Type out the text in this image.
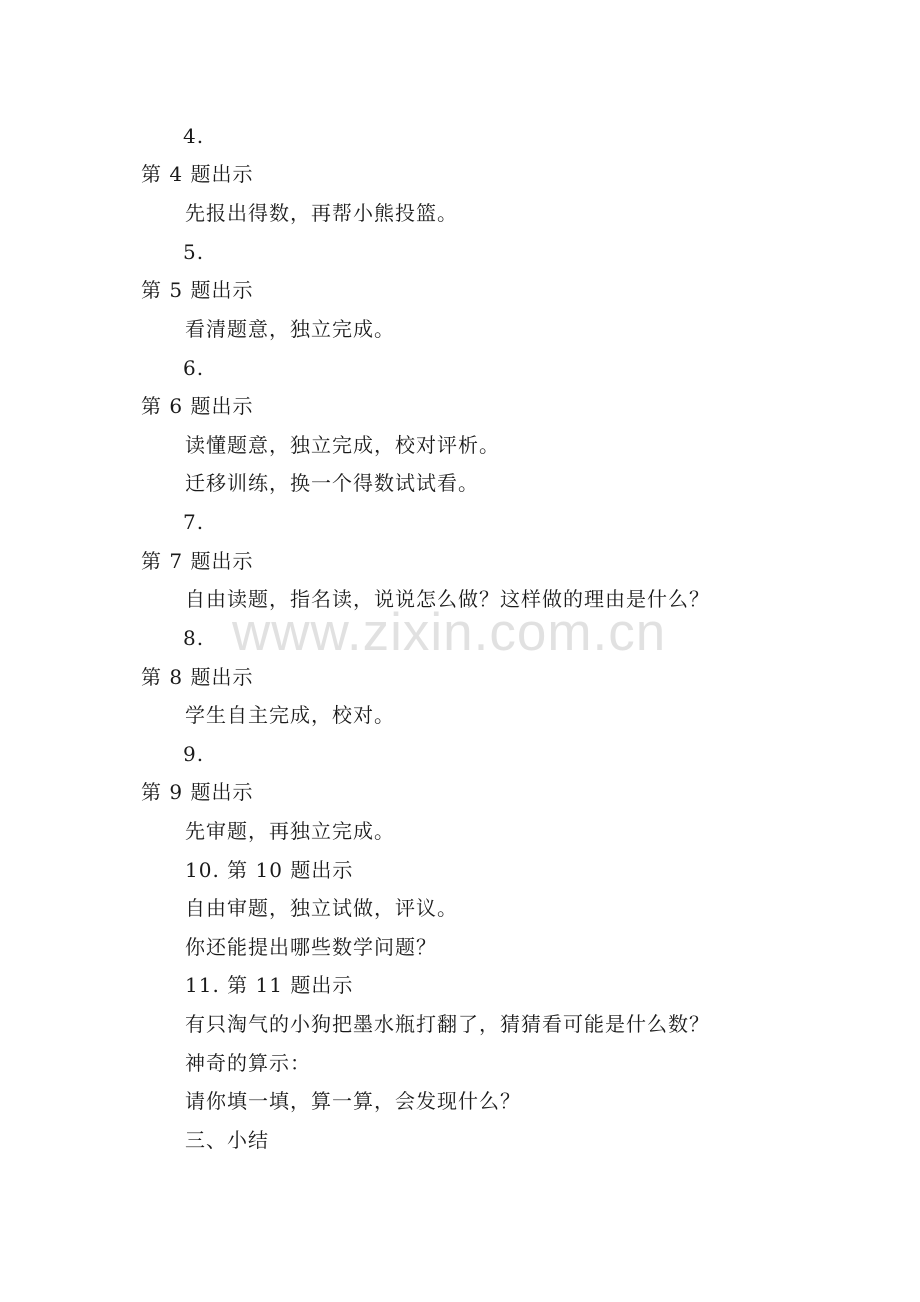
4.
第 4 题出示
先报出得数，再帮小熊投篮。
5.
第 5 题出示
看清题意，独立完成。
6.
第 6 题出示
读懂题意，独立完成，校对评析。
迁移训练，换一个得数试试看。
7.
第 7 题出示
自由读题，指名读，说说怎么做？这样做的理由是什么？
8.
第 8 题出示
学生自主完成，校对。
9.
第 9 题出示
先审题，再独立完成。
10. 第 10 题出示
自由审题，独立试做，评议。
你还能提出哪些数学问题？
11. 第 11 题出示
有只淘气的小狗把墨水瓶打翻了，猜猜看可能是什么数？
神奇的算示：
请你填一填，算一算，会发现什么？
三、小结
www.zixin.com.cn
